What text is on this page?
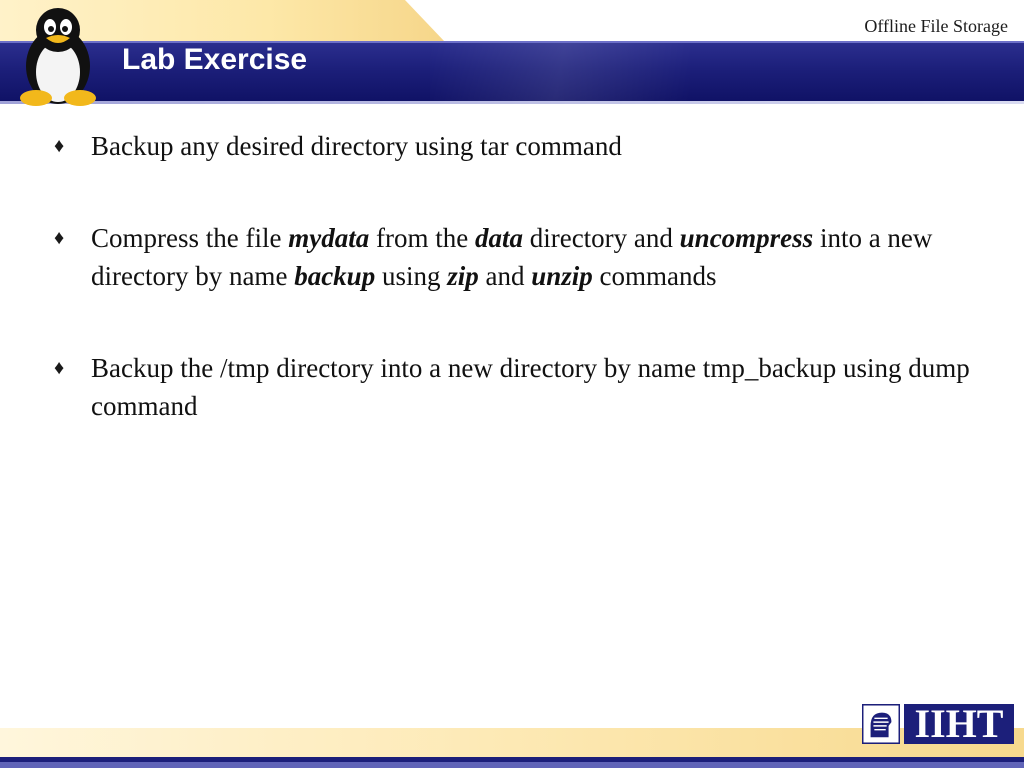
Offline File Storage
Lab Exercise
♦ Backup any desired directory using tar command
♦ Compress the file mydata from the data directory and uncompress into a new directory by name backup using zip and unzip commands
♦ Backup the /tmp directory into a new directory by name tmp_backup using dump command
IIHT
